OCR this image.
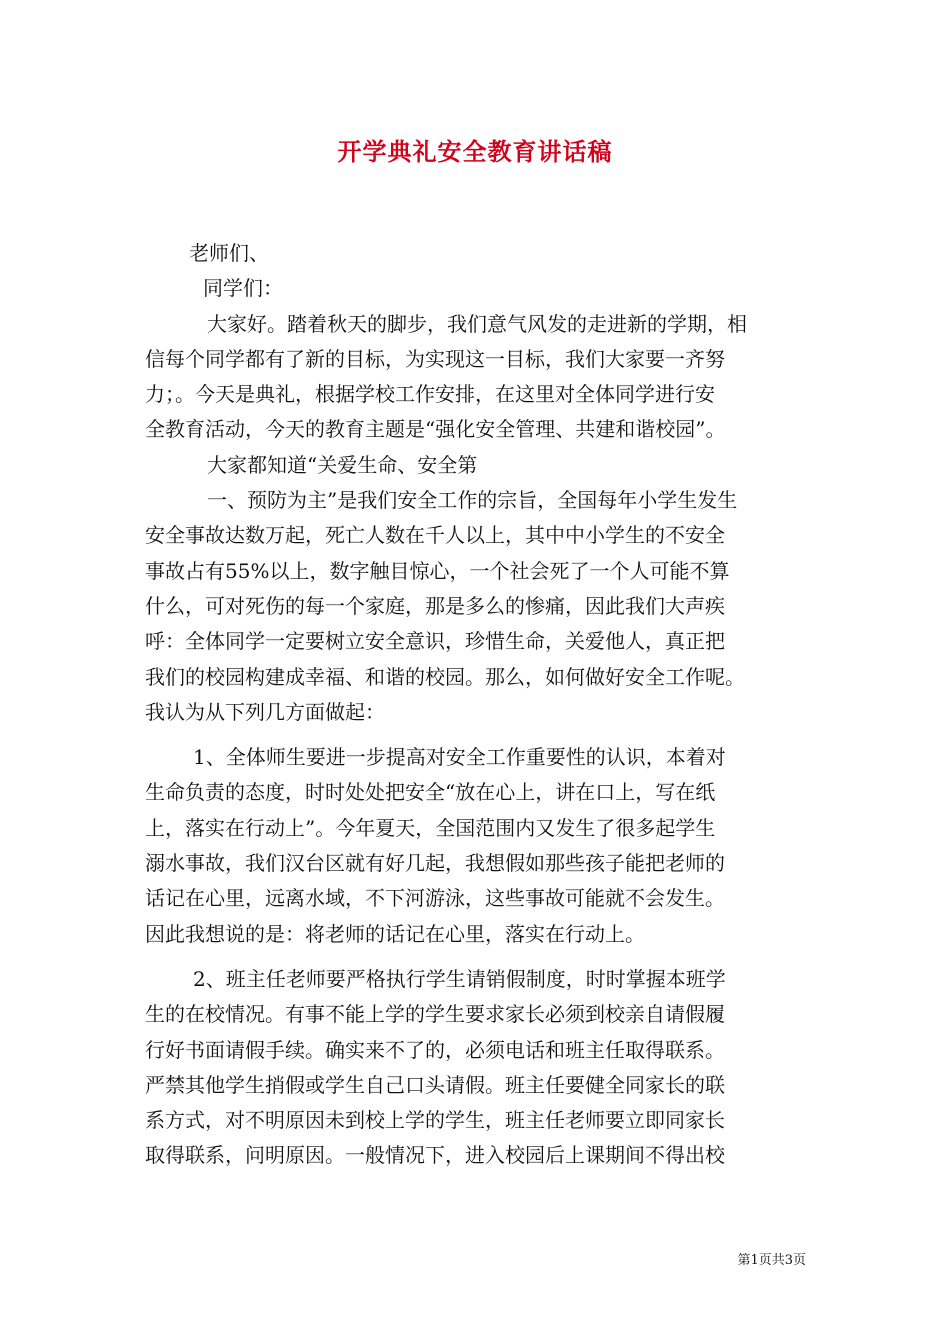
开学典礼安全教育讲话稿
老师们、
同学们：
大家好。踏着秋天的脚步，我们意气风发的走进新的学期，相
信每个同学都有了新的目标，为实现这一目标，我们大家要一齐努
力；。今天是典礼，根据学校工作安排，在这里对全体同学进行安
全教育活动，今天的教育主题是“强化安全管理、共建和谐校园”。
大家都知道“关爱生命、安全第
一、预防为主”是我们安全工作的宗旨，全国每年小学生发生
安全事故达数万起，死亡人数在千人以上，其中中小学生的不安全
事故占有55%以上，数字触目惊心，一个社会死了一个人可能不算
什么，可对死伤的每一个家庭，那是多么的惨痛，因此我们大声疾
呼：全体同学一定要树立安全意识，珍惜生命，关爱他人，真正把
我们的校园构建成幸福、和谐的校园。那么，如何做好安全工作呢。
我认为从下列几方面做起：
1、全体师生要进一步提高对安全工作重要性的认识，本着对
生命负责的态度，时时处处把安全“放在心上，讲在口上，写在纸
上，落实在行动上”。今年夏天，全国范围内又发生了很多起学生
溺水事故，我们汉台区就有好几起，我想假如那些孩子能把老师的
话记在心里，远离水域，不下河游泳，这些事故可能就不会发生。
因此我想说的是：将老师的话记在心里，落实在行动上。
2、班主任老师要严格执行学生请销假制度，时时掌握本班学
生的在校情况。有事不能上学的学生要求家长必须到校亲自请假履
行好书面请假手续。确实来不了的，必须电话和班主任取得联系。
严禁其他学生捎假或学生自己口头请假。班主任要健全同家长的联
系方式，对不明原因未到校上学的学生，班主任老师要立即同家长
取得联系，问明原因。一般情况下，进入校园后上课期间不得出校
第1页共3页
